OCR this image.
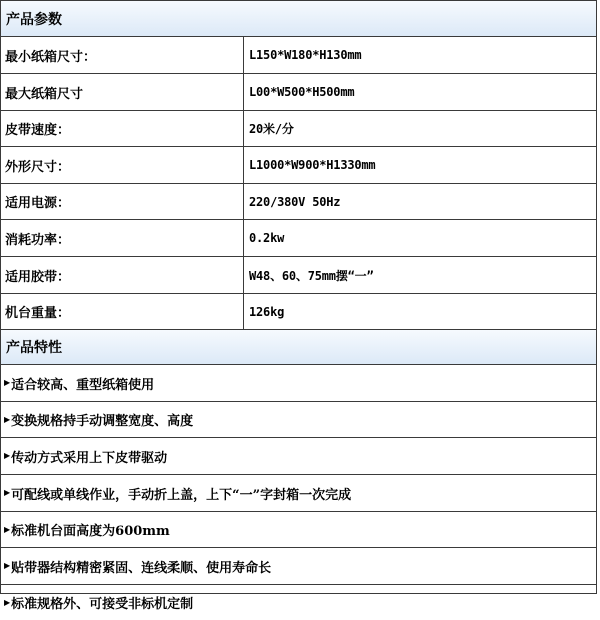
产品参数
最小纸箱尺寸：	L150*W180*H130mm
最大纸箱尺寸	L00*W500*H500mm
皮带速度：	20米/分
外形尺寸：	L1000*W900*H1330mm
适用电源：	220/380V 50Hz
消耗功率：	0.2kw
适用胶带：	W48、60、75mm摆“一”
机台重量：	126kg
产品特性
▶ 适合较高、重型纸箱使用
▶ 变换规格持手动调整宽度、高度
▶ 传动方式采用上下皮带驱动
▶ 可配线或单线作业，手动折上盖，上下“一”字封箱一次完成
▶ 标准机台面高度为600mm
▶ 贴带器结构精密紧固、连线柔顺、使用寿命长
▶ 标准规格外、可接受非标机定制
